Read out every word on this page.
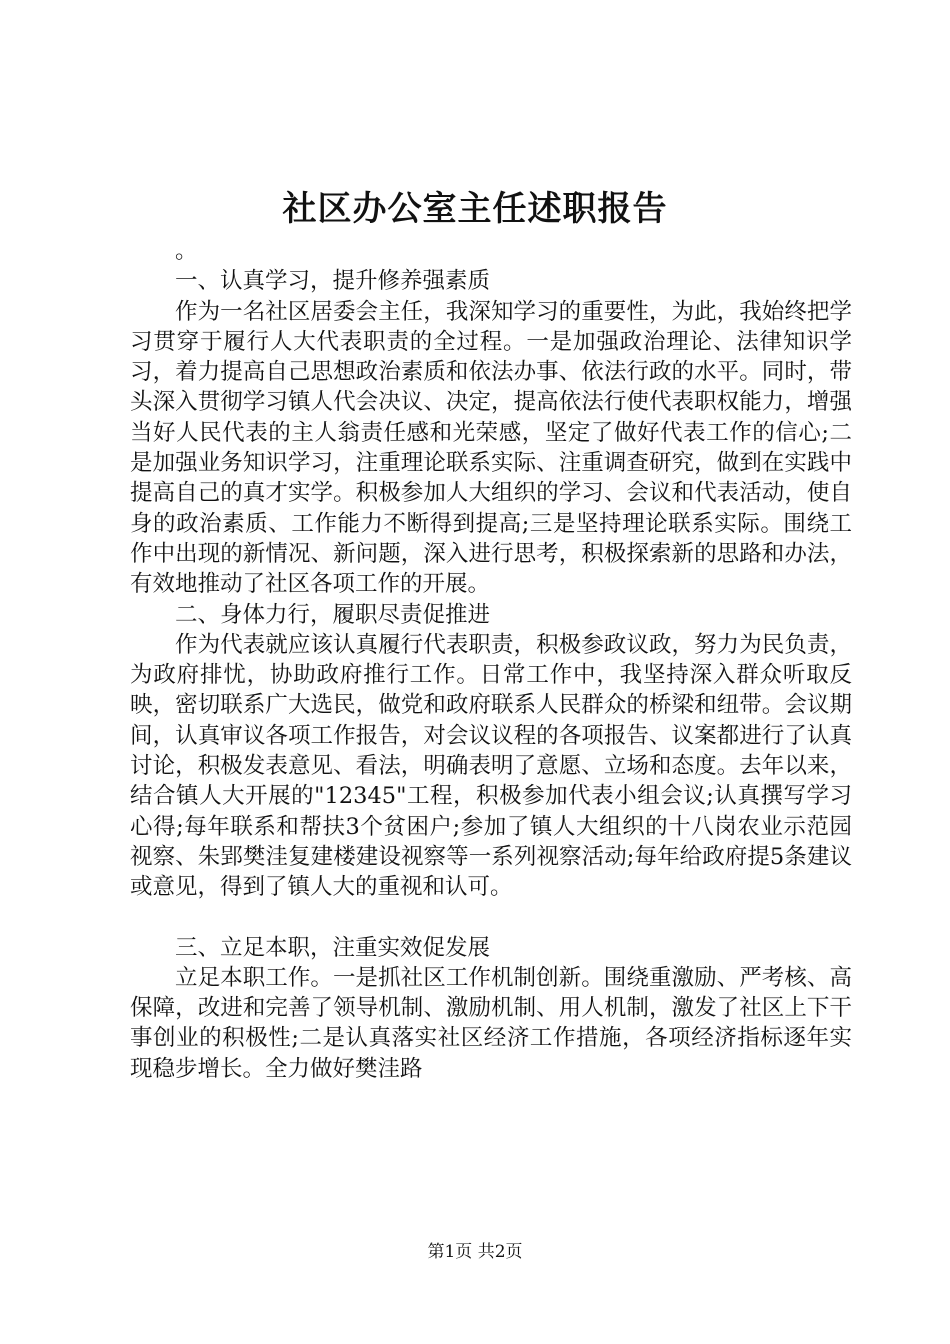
社区办公室主任述职报告

。

一、认真学习，提升修养强素质

作为一名社区居委会主任，我深知学习的重要性，为此，我始终把学习贯穿于履行人大代表职责的全过程。一是加强政治理论、法律知识学习，着力提高自己思想政治素质和依法办事、依法行政的水平。同时，带头深入贯彻学习镇人代会决议、决定，提高依法行使代表职权能力，增强当好人民代表的主人翁责任感和光荣感，坚定了做好代表工作的信心;二是加强业务知识学习，注重理论联系实际、注重调查研究，做到在实践中提高自己的真才实学。积极参加人大组织的学习、会议和代表活动，使自身的政治素质、工作能力不断得到提高;三是坚持理论联系实际。围绕工作中出现的新情况、新问题，深入进行思考，积极探索新的思路和办法，有效地推动了社区各项工作的开展。

二、身体力行，履职尽责促推进

作为代表就应该认真履行代表职责，积极参政议政，努力为民负责，为政府排忧，协助政府推行工作。日常工作中，我坚持深入群众听取反映，密切联系广大选民，做党和政府联系人民群众的桥梁和纽带。会议期间，认真审议各项工作报告，对会议议程的各项报告、议案都进行了认真讨论，积极发表意见、看法，明确表明了意愿、立场和态度。去年以来，结合镇人大开展的"12345"工程，积极参加代表小组会议;认真撰写学习心得;每年联系和帮扶3个贫困户;参加了镇人大组织的十八岗农业示范园视察、朱郢樊洼复建楼建设视察等一系列视察活动;每年给政府提5条建议或意见，得到了镇人大的重视和认可。

三、立足本职，注重实效促发展

立足本职工作。一是抓社区工作机制创新。围绕重激励、严考核、高保障，改进和完善了领导机制、激励机制、用人机制，激发了社区上下干事创业的积极性;二是认真落实社区经济工作措施，各项经济指标逐年实现稳步增长。全力做好樊洼路

第1页 共2页
